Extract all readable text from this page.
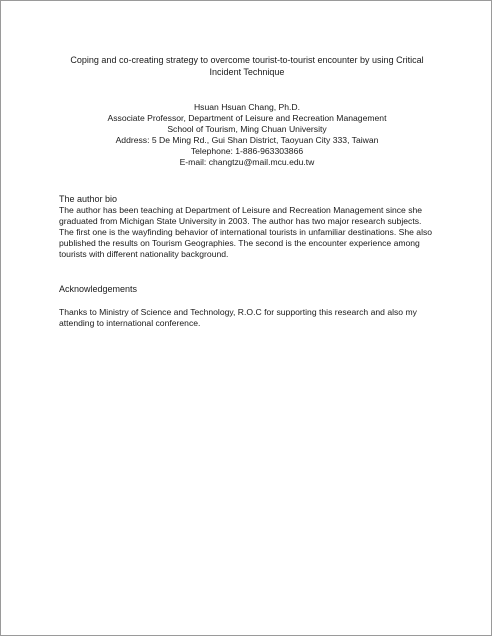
Coping and co-creating strategy to overcome tourist-to-tourist encounter by using Critical Incident Technique
Hsuan Hsuan Chang, Ph.D.
Associate Professor, Department of Leisure and Recreation Management
School of Tourism, Ming Chuan University
Address: 5 De Ming Rd., Gui Shan District, Taoyuan City 333, Taiwan
Telephone: 1-886-963303866
E-mail: changtzu@mail.mcu.edu.tw
The author bio

The author has been teaching at Department of Leisure and Recreation Management since she graduated from Michigan State University in 2003. The author has two major research subjects. The first one is the wayfinding behavior of international tourists in unfamiliar destinations. She also published the results on Tourism Geographies. The second is the encounter experience among tourists with different nationality background.

Acknowledgements
Thanks to Ministry of Science and Technology, R.O.C for supporting this research and also my attending to international conference.
